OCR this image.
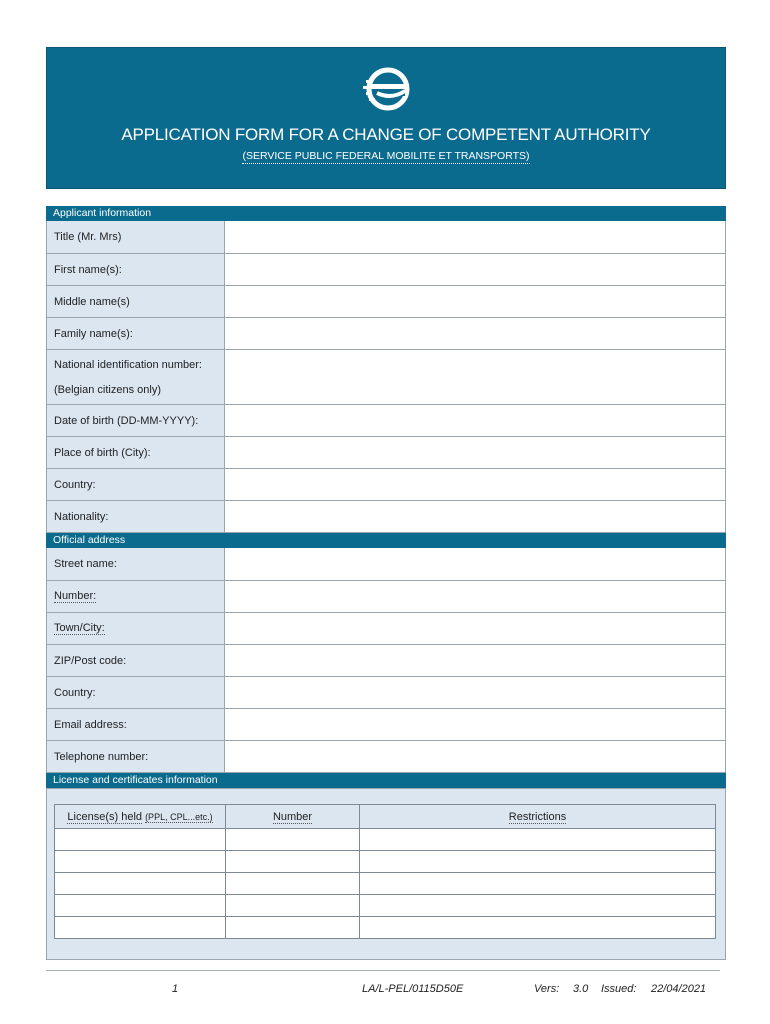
APPLICATION FORM FOR A CHANGE OF COMPETENT AUTHORITY
(SERVICE PUBLIC FEDERAL MOBILITE ET TRANSPORTS)
Applicant information
Title (Mr. Mrs)
First name(s):
Middle name(s)
Family name(s):
National identification number:
(Belgian citizens only)
Date of birth (DD-MM-YYYY):
Place of birth (City):
Country:
Nationality:
Official address
Street name:
Number:
Town/City:
ZIP/Post code:
Country:
Email address:
Telephone number:
License and certificates information
License(s) held (PPL, CPL...etc.)	Number	Restrictions

1	LA/L-PEL/0115D50E	Vers: 3.0 Issued: 22/04/2021
